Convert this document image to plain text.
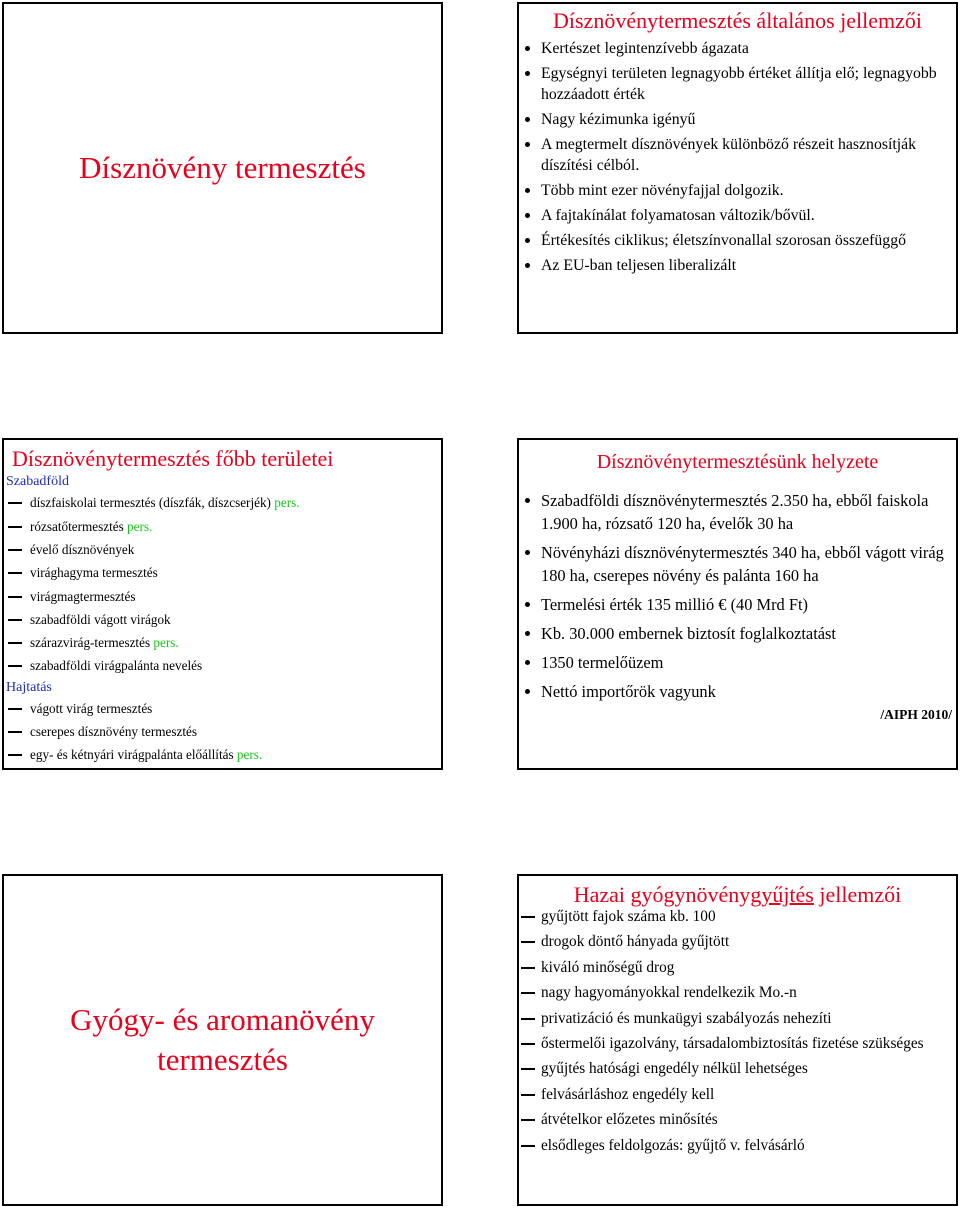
Dísznövény termesztés
Dísznövénytermesztés általános jellemzői
Kertészet legintenzívebb ágazata
Egységnyi területen legnagyobb értéket állítja elő; legnagyobb hozzáadott érték
Nagy kézimunka igényű
A megtermelt dísznövények különböző részeit hasznosítják díszítési célból.
Több mint ezer növényfajjal dolgozik.
A fajtakínálat folyamatosan változik/bővül.
Értékesítés ciklikus; életszínvonallal szorosan összefüggő
Az EU-ban teljesen liberalizált
Dísznövénytermesztés főbb területei
Szabadföld
díszfaiskolai termesztés (díszfák, díszcserjék) pers.
rózsatőtermesztés pers.
évelő dísznövények
virághagyma termesztés
virágmagtermesztés
szabadföldi vágott virágok
szárazvirág-termesztés pers.
szabadföldi virágpalánta nevelés
Hajtatás
vágott virág termesztés
cserepes dísznövény termesztés
egy- és kétnyári virágpalánta előállítás pers.
Dísznövénytermesztésünk helyzete
Szabadföldi dísznövénytermesztés 2.350 ha, ebből faiskola 1.900 ha, rózsatő 120 ha, évelők 30 ha
Növényházi dísznövénytermesztés 340 ha, ebből vágott virág 180 ha, cserepes növény és palánta 160 ha
Termelési érték 135 millió € (40 Mrd Ft)
Kb. 30.000 embernek biztosít foglalkoztatást
1350 termelőüzem
Nettó importőrök vagyunk
/AIPH 2010/
Gyógy- és aromanövény termesztés
Hazai gyógynövénygyűjtés jellemzői
gyűjtött fajok száma kb. 100
drogok döntő hányada gyűjtött
kiváló minőségű drog
nagy hagyományokkal rendelkezik Mo.-n
privatizáció és munkaügyi szabályozás nehezíti
őstermelői igazolvány, társadalombiztosítás fizetése szükséges
gyűjtés hatósági engedély nélkül lehetséges
felvásárláshoz engedély kell
átvételkor előzetes minősítés
elsődleges feldolgozás: gyűjtő v. felvásárló
